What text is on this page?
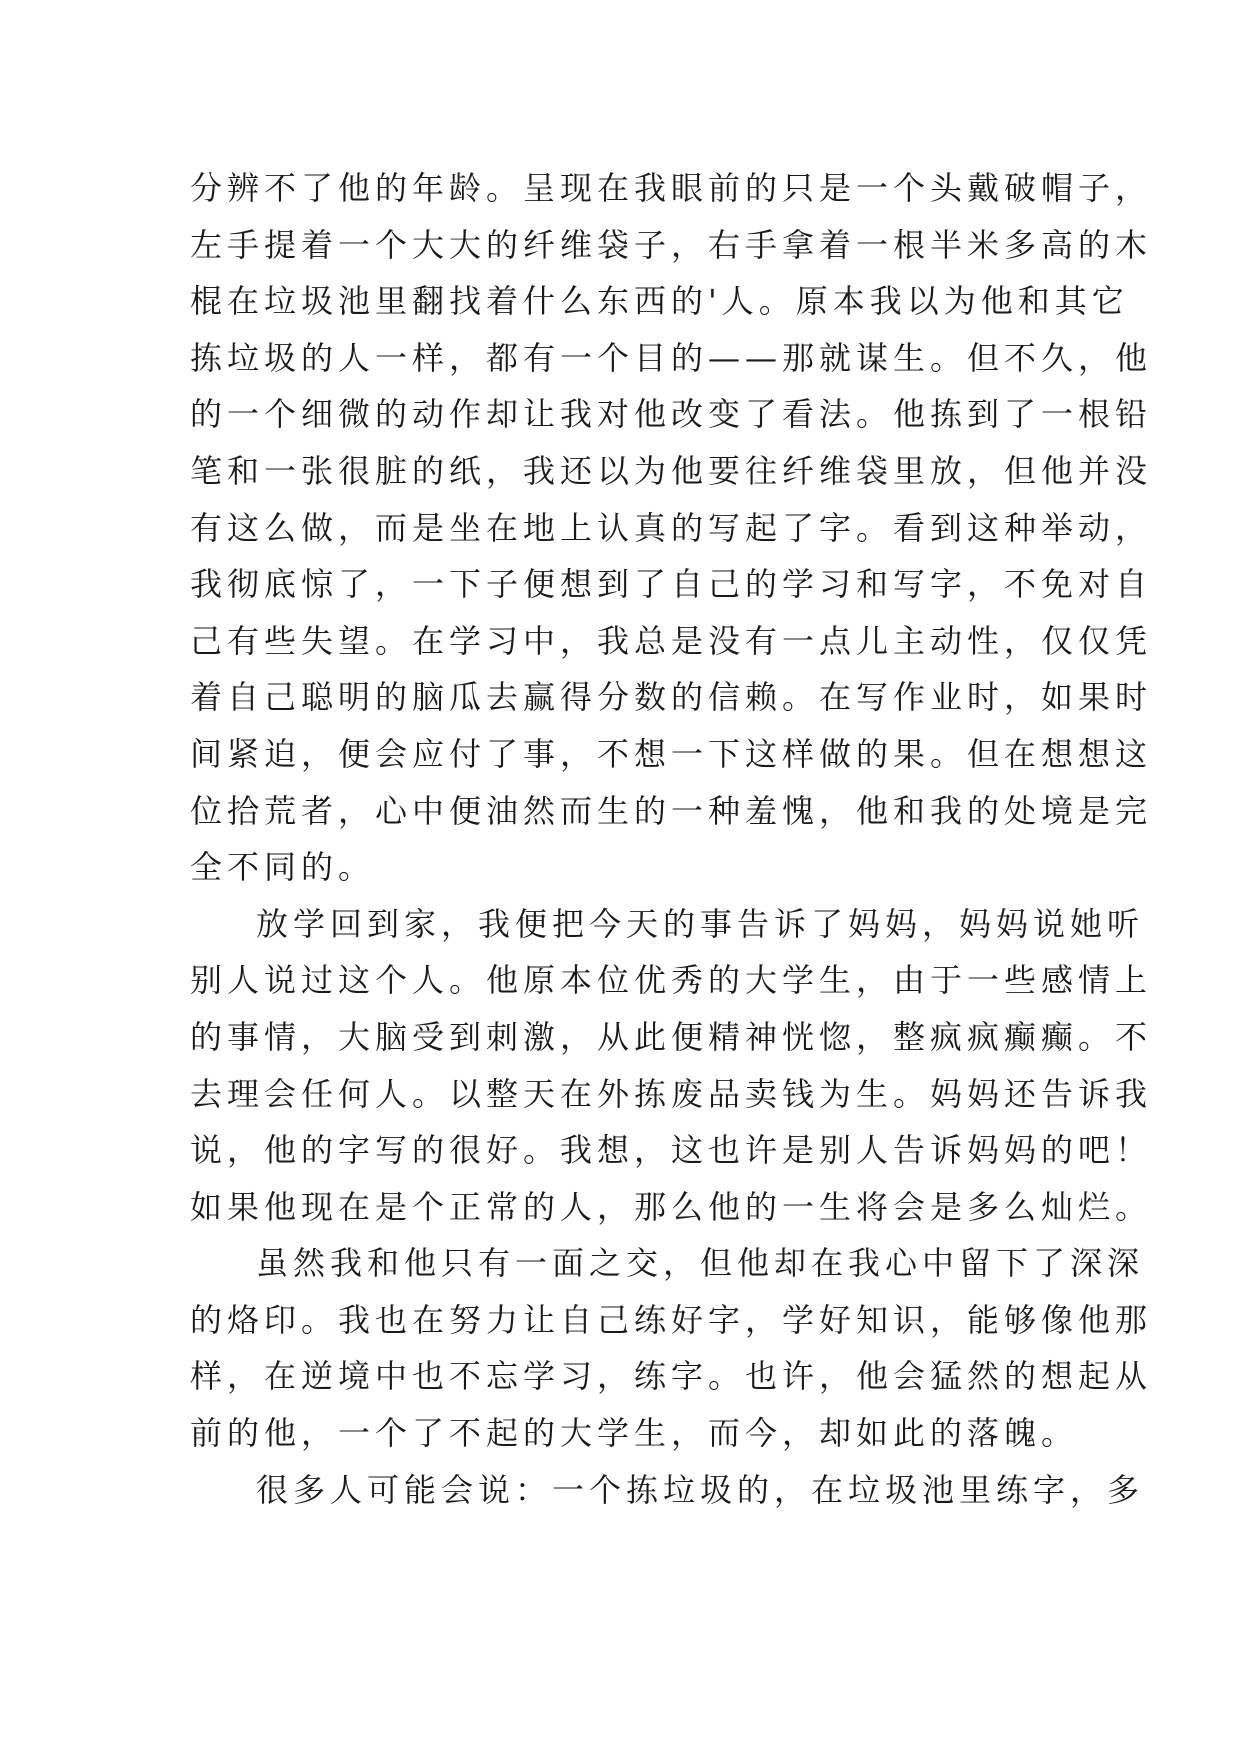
分辨不了他的年龄。呈现在我眼前的只是一个头戴破帽子，
左手提着一个大大的纤维袋子，右手拿着一根半米多高的木
棍在垃圾池里翻找着什么东西的'人。原本我以为他和其它
拣垃圾的人一样，都有一个目的——那就谋生。但不久，他
的一个细微的动作却让我对他改变了看法。他拣到了一根铅
笔和一张很脏的纸，我还以为他要往纤维袋里放，但他并没
有这么做，而是坐在地上认真的写起了字。看到这种举动，
我彻底惊了，一下子便想到了自己的学习和写字，不免对自
己有些失望。在学习中，我总是没有一点儿主动性，仅仅凭
着自己聪明的脑瓜去赢得分数的信赖。在写作业时，如果时
间紧迫，便会应付了事，不想一下这样做的果。但在想想这
位拾荒者，心中便油然而生的一种羞愧，他和我的处境是完
全不同的。
放学回到家，我便把今天的事告诉了妈妈，妈妈说她听
别人说过这个人。他原本位优秀的大学生，由于一些感情上
的事情，大脑受到刺激，从此便精神恍惚，整疯疯癫癫。不
去理会任何人。以整天在外拣废品卖钱为生。妈妈还告诉我
说，他的字写的很好。我想，这也许是别人告诉妈妈的吧！
如果他现在是个正常的人，那么他的一生将会是多么灿烂。
虽然我和他只有一面之交，但他却在我心中留下了深深
的烙印。我也在努力让自己练好字，学好知识，能够像他那
样，在逆境中也不忘学习，练字。也许，他会猛然的想起从
前的他，一个了不起的大学生，而今，却如此的落魄。
很多人可能会说：一个拣垃圾的，在垃圾池里练字，多
